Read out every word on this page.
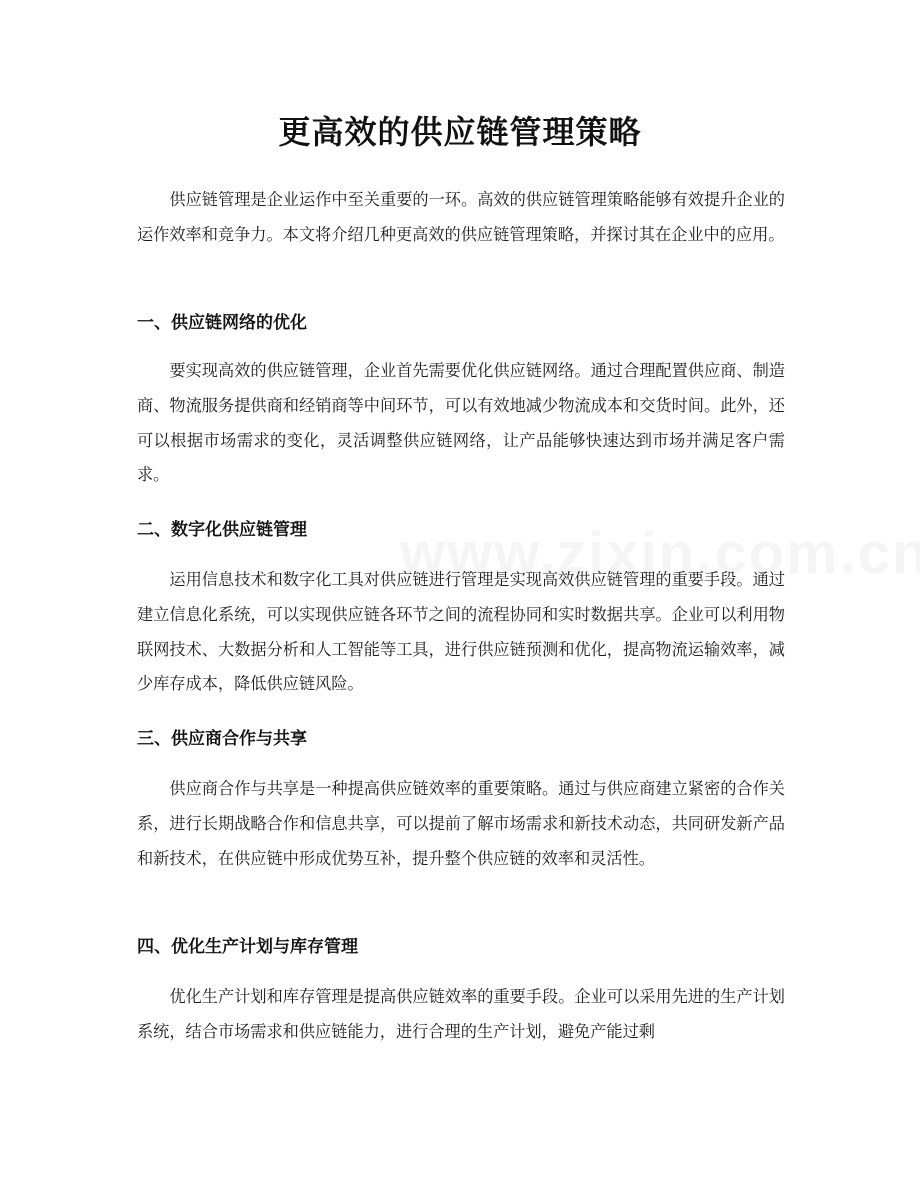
更高效的供应链管理策略
供应链管理是企业运作中至关重要的一环。高效的供应链管理策略能够有效提升企业的运作效率和竞争力。本文将介绍几种更高效的供应链管理策略，并探讨其在企业中的应用。
一、供应链网络的优化
要实现高效的供应链管理，企业首先需要优化供应链网络。通过合理配置供应商、制造商、物流服务提供商和经销商等中间环节，可以有效地减少物流成本和交货时间。此外，还可以根据市场需求的变化，灵活调整供应链网络，让产品能够快速达到市场并满足客户需求。
二、数字化供应链管理
运用信息技术和数字化工具对供应链进行管理是实现高效供应链管理的重要手段。通过建立信息化系统，可以实现供应链各环节之间的流程协同和实时数据共享。企业可以利用物联网技术、大数据分析和人工智能等工具，进行供应链预测和优化，提高物流运输效率，减少库存成本，降低供应链风险。
三、供应商合作与共享
供应商合作与共享是一种提高供应链效率的重要策略。通过与供应商建立紧密的合作关系，进行长期战略合作和信息共享，可以提前了解市场需求和新技术动态，共同研发新产品和新技术，在供应链中形成优势互补，提升整个供应链的效率和灵活性。
四、优化生产计划与库存管理
优化生产计划和库存管理是提高供应链效率的重要手段。企业可以采用先进的生产计划系统，结合市场需求和供应链能力，进行合理的生产计划，避免产能过剩
